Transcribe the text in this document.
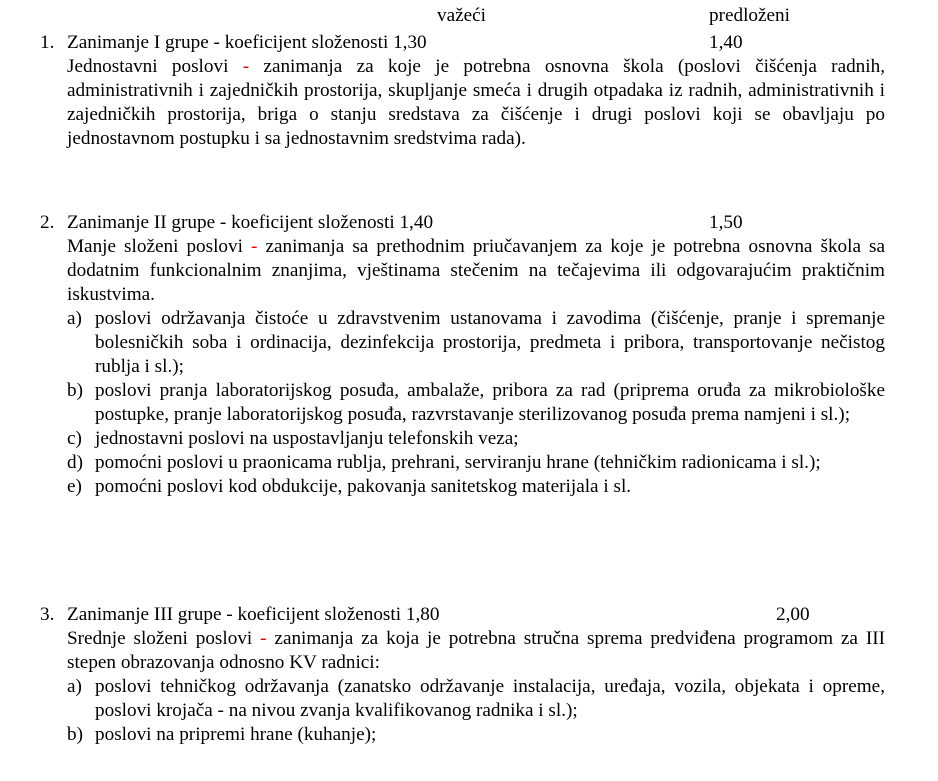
važeći	predloženi
1. Zanimanje I grupe - koeficijent složenosti 1,30	1,40
Jednostavni poslovi - zanimanja za koje je potrebna osnovna škola (poslovi čišćenja radnih, administrativnih i zajedničkih prostorija, skupljanje smeća i drugih otpadaka iz radnih, administrativnih i zajedničkih prostorija, briga o stanju sredstava za čišćenje i drugi poslovi koji se obavljaju po jednostavnom postupku i sa jednostavnim sredstvima rada).
2. Zanimanje II grupe - koeficijent složenosti 1,40	1,50
Manje složeni poslovi - zanimanja sa prethodnim priučavanjem za koje je potrebna osnovna škola sa dodatnim funkcionalnim znanjima, vještinama stečenim na tečajevima ili odgovarajućim praktičnim iskustvima.
a) poslovi održavanja čistoće u zdravstvenim ustanovama i zavodima (čišćenje, pranje i spremanje bolesničkih soba i ordinacija, dezinfekcija prostorija, predmeta i pribora, transportovanje nečistog rublja i sl.);
b) poslovi pranja laboratorijskog posuđa, ambalaže, pribora za rad (priprema oruđa za mikrobiološke postupke, pranje laboratorijskog posuđa, razvrstavanje sterilizovanog posuđa prema namjeni i sl.);
c) jednostavni poslovi na uspostavljanju telefonskih veza;
d) pomoćni poslovi u praonicama rublja, prehrani, serviranju hrane (tehničkim radionicama i sl.);
e) pomoćni poslovi kod obdukcije, pakovanja sanitetskog materijala i sl.
3. Zanimanje III grupe - koeficijent složenosti 1,80	2,00
Srednje složeni poslovi - zanimanja za koja je potrebna stručna sprema predviđena programom za III stepen obrazovanja odnosno KV radnici:
a) poslovi tehničkog održavanja (zanatsko održavanje instalacija, uređaja, vozila, objekata i opreme, poslovi krojača - na nivou zvanja kvalifikovanog radnika i sl.);
b) poslovi na pripremi hrane (kuhanje);
